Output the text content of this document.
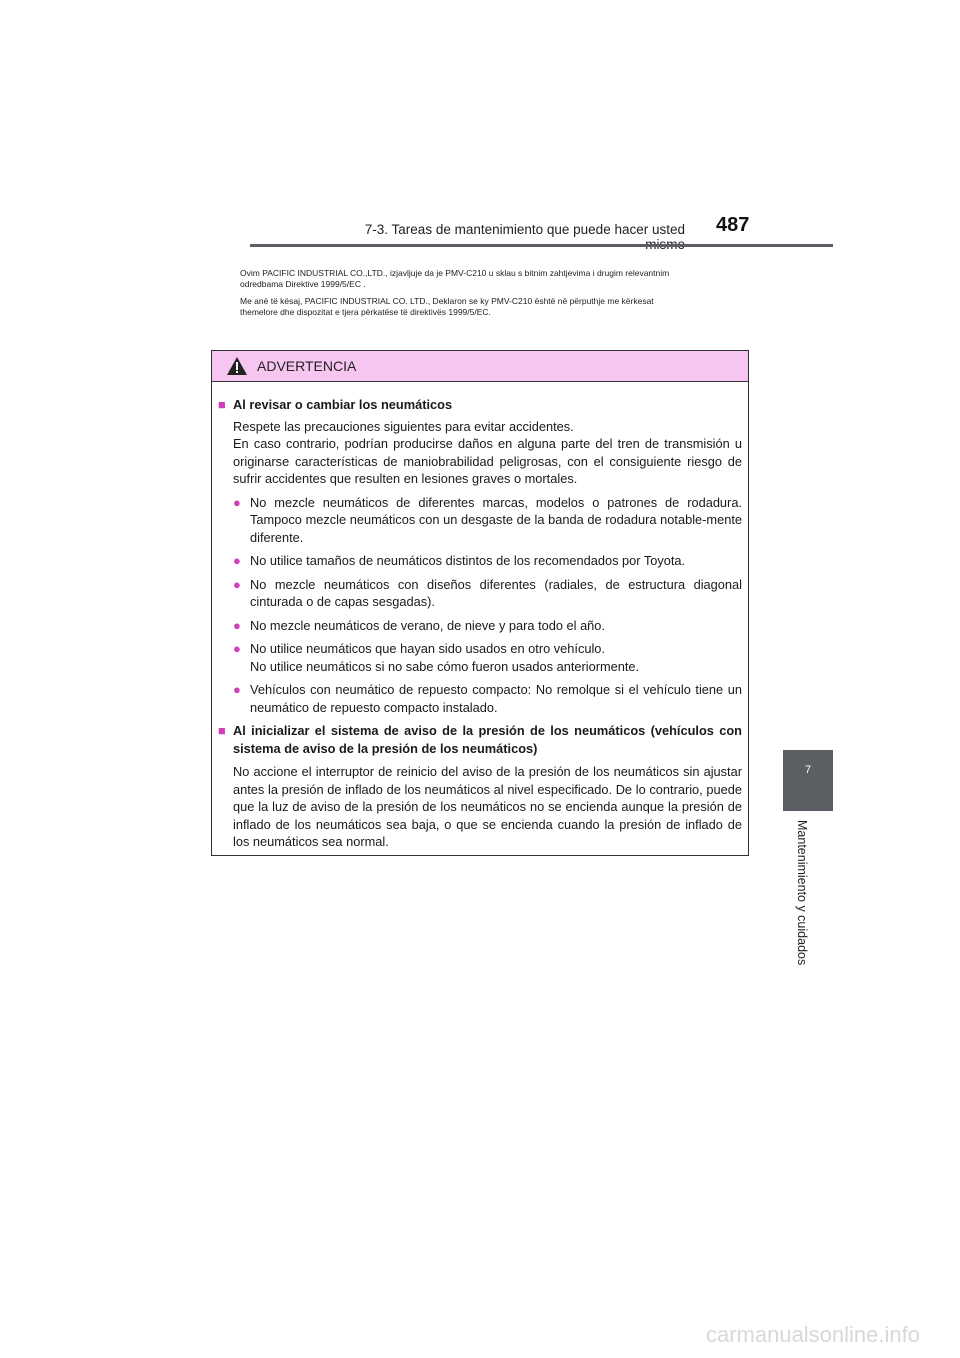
7-3. Tareas de mantenimiento que puede hacer usted 487
7
Mantenimiento y cuidados

Ovim PACIFIC INDUSTRIAL CO.,LTD., izjavljuje da je PMV-C210 u sklau s bitnim zahtjevima i drugim relevantnim

odredbama Direktive 1999/5/EC .

Me anë të kësaj, PACIFIC INDUSTRIAL CO. LTD., Deklaron se ky PMV-C210 është në përputhje me kërkesat

themelore dhe dispozitat e tjera përkatëse të direktivës 1999/5/EC.

ADVERTENCIA
■ Al revisar o cambiar los neumáticos

Respete las precauciones siguientes para evitar accidentes.

En caso contrario, podrían producirse daños en alguna parte del tren de transmisión u originarse características de maniobrabilidad peligrosas, con el consiguiente riesgo de sufrir accidentes que resulten en lesiones graves o mortales.

● No mezcle neumáticos de diferentes marcas, modelos o patrones de rodadura. Tampoco mezcle neumáticos con un desgaste de la banda de rodadura notable-mente diferente.

● No utilice tamaños de neumáticos distintos de los recomendados por Toyota.

● No mezcle neumáticos con diseños diferentes (radiales, de estructura diagonal cinturada o de capas sesgadas).

● No mezcle neumáticos de verano, de nieve y para todo el año.

● No utilice neumáticos que hayan sido usados en otro vehículo.

No utilice neumáticos si no sabe cómo fueron usados anteriormente.

● Vehículos con neumático de repuesto compacto: No remolque si el vehículo tiene un neumático de repuesto compacto instalado.

■ Al inicializar el sistema de aviso de la presión de los neumáticos (vehículos con sistema de aviso de la presión de los neumáticos)

No accione el interruptor de reinicio del aviso de la presión de los neumáticos sin ajustar antes la presión de inflado de los neumáticos al nivel especificado. De lo contrario, puede que la luz de aviso de la presión de los neumáticos no se encienda aunque la presión de inflado de los neumáticos sea baja, o que se encienda cuando la presión de inflado de los neumáticos sea normal.

carmanualsonline.info
